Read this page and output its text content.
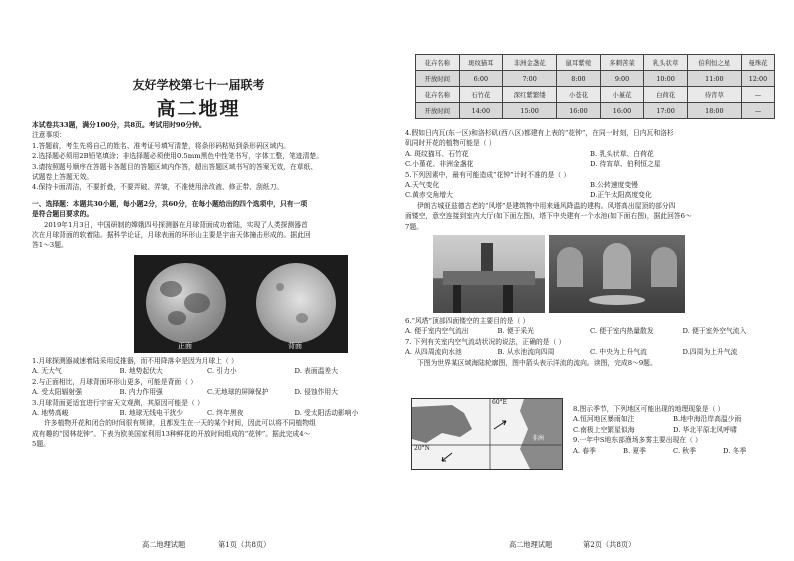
友好学校第七十一届联考
高二地理
本试卷共33题，满分100分，共8页。考试用时90分钟。
注意事项：
1.答题前，考生先将自己的姓名、准考证号填写清楚，将条形码粘贴到条形码区域内。
2.选择题必须用2B铅笔填涂；非选择题必须使用0.5mm黑色中性笔书写，字体工整，笔迹清楚。
3.请按照题号顺序在答题卡各题目的答题区域内作答，超出答题区域书写的答案无效，在草纸、
试题卷上答题无效。
4.保持卡面清洁，不要折叠，不要弄破、弄皱，不准使用涂改液、修正带、刮纸刀。
一、选择题：本题共30小题，每小题2分，共60分，在每小题给出的四个选项中，只有一项
是符合题目要求的。
2019年1月3日，中国研制的嫦娥四号探测器在月球背面成功着陆，实现了人类探测器首
次在月球背面的软着陆。据科学论证，月球表面的环形山主要是宇宙天体撞击形成的。据此回
答1～3题。
正面	背面
1.月球探测器减速着陆采用反推器，而不用降落伞是因为月球上（ ）
A. 无大气	B. 地势起伏大	C. 引力小	D. 表面温差大
2.与正面相比，月球背面环形山更多，可能是背面（ ）
A. 受太阳辐射强	B. 内力作用强	C.无地球的屏障保护	D. 侵蚀作用大
3.月球背面更适宜进行宇宙天文观测，其原因可能是（ ）
A. 地势高峻	B. 地球无线电干扰少	C. 终年黑夜	D. 受太阳活动影响小
许多植物开花和闭合的时间很有规律，且都发生在一天的某个时间，因此可以将不同植物组
成有趣的“园林花钟”。下表为欧美国家利用13种鲜花的开放时间组成的“花钟”。据此完成4～
5题。
高二地理试题	第1页（共8页）
花卉名称	斑纹猫耳	非洲金盏花	鼠耳紫菀	多刺苦菜	乳头状草	伯利恒之星	曼珠花
开放时间	6:00	7:00	8:00	9:00	10:00	11:00	12:00
花卉名称	石竹花	深红紫繁缕	小苍花	小堇花	白荷花	待宵草	—
开放时间	14:00	15:00	16:00	16:00	17:00	18:00	—
4.假如日内瓦(东一区)和洛杉矶(西八区)都建有上表的“花钟”，在同一时刻，日内瓦和洛杉
矶同时开花的植物可能是（ ）
A. 斑纹猫耳、石竹花	B. 乳头状草、白荷花
C.小堇花、非洲金盏花	D. 待宵草、伯利恒之星
5.下列因素中，最有可能造成“花钟”计时不准的是（ ）
A.天气变化	B.公转速度变慢
C.黄赤交角增大	D.正午太阳高度变化
伊朗古城亚兹德古老的“风塔”是建筑物中用来通风降温的建构。风塔高出屋顶的部分四
面镂空，意空连接到室内大厅(如下面左图)，塔下中央建有一个水池(如下面右图)，据此回答6～
7题。
6.“风塔”顶部四面镂空的主要目的是（ ）
A. 便于室内空气流出	B. 便于采光	C. 便于室内热量散发	D. 便于室外空气流入
7. 下列有关室内空气流动状况的说法，正确的是（ ）
A. 从四周流向水池	B. 从水池流向四周	C. 中央为上升气流	D.四周为上升气流
下图为世界某区域海陆轮廓图，图中箭头表示洋流的流向。读图，完成8～9题。
60°E
20°N
非洲
8.图示季节，下列地区可能出现的地理现象是（ ）
A.恒河地区暴雨如注	B.地中海沿岸高温少雨
C.南极上空繁星似海	D. 华北平原北风呼啸
9.一年中S地东部渔场多雾主要出现在（ ）
A. 春季	B. 夏季	C. 秋季	D. 冬季
高二地理试题	第2页（共8页）
